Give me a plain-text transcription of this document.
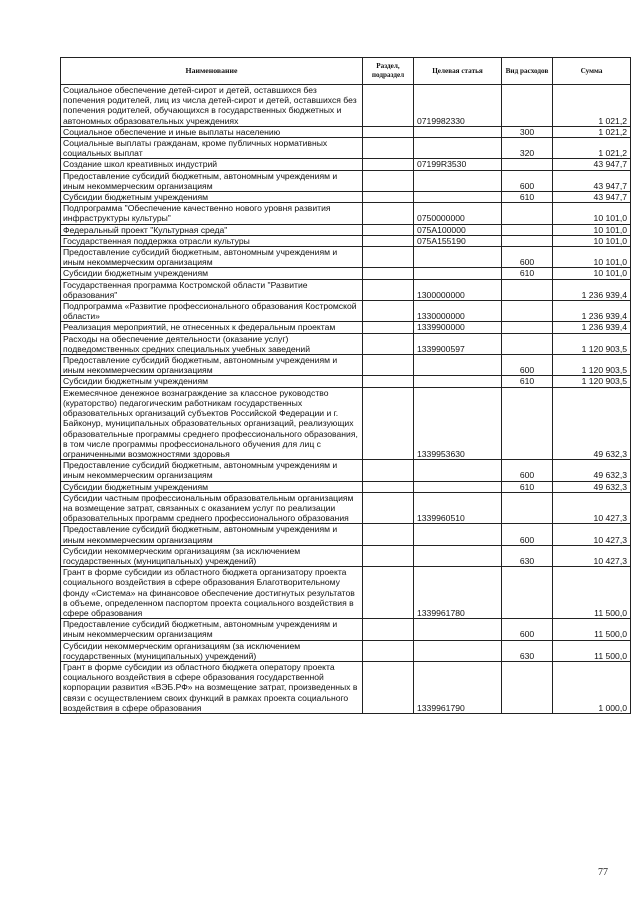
Наименование	Раздел, подраздел	Целевая статья	Вид расходов	Сумма
Социальное обеспечение детей-сирот и детей, оставшихся без попечения родителей, лиц из числа детей-сирот и детей, оставшихся без попечения родителей, обучающихся в государственных бюджетных и автономных образовательных учреждениях		0719982330		1 021,2
Социальное обеспечение и иные выплаты населению			300	1 021,2
Социальные выплаты гражданам, кроме публичных нормативных социальных выплат			320	1 021,2
Создание школ креативных индустрий		07199R3530		43 947,7
Предоставление субсидий бюджетным, автономным учреждениям и иным некоммерческим организациям			600	43 947,7
Субсидии бюджетным учреждениям			610	43 947,7
Подпрограмма "Обеспечение качественно нового уровня развития инфраструктуры культуры"		0750000000		10 101,0
Федеральный проект "Культурная среда"		075A100000		10 101,0
Государственная поддержка отрасли культуры		075A155190		10 101,0
Предоставление субсидий бюджетным, автономным учреждениям и иным некоммерческим организациям			600	10 101,0
Субсидии бюджетным учреждениям			610	10 101,0
Государственная программа Костромской области "Развитие образования"		1300000000		1 236 939,4
Подпрограмма «Развитие профессионального образования Костромской области»		1330000000		1 236 939,4
Реализация мероприятий, не отнесенных к федеральным проектам		1339900000		1 236 939,4
Расходы на обеспечение деятельности (оказание услуг) подведомственных средних специальных учебных заведений		1339900597		1 120 903,5
Предоставление субсидий бюджетным, автономным учреждениям и иным некоммерческим организациям			600	1 120 903,5
Субсидии бюджетным учреждениям			610	1 120 903,5
Ежемесячное денежное вознаграждение за классное руководство (кураторство) педагогическим работникам государственных образовательных организаций субъектов Российской Федерации и г. Байконур, муниципальных образовательных организаций, реализующих образовательные программы среднего профессионального образования, в том числе программы профессионального обучения для лиц с ограниченными возможностями здоровья		1339953630		49 632,3
Предоставление субсидий бюджетным, автономным учреждениям и иным некоммерческим организациям			600	49 632,3
Субсидии бюджетным учреждениям			610	49 632,3
Субсидии частным профессиональным образовательным организациям на возмещение затрат, связанных с оказанием услуг по реализации образовательных программ среднего профессионального образования		1339960510		10 427,3
Предоставление субсидий бюджетным, автономным учреждениям и иным некоммерческим организациям			600	10 427,3
Субсидии некоммерческим организациям (за исключением государственных (муниципальных) учреждений)			630	10 427,3
Грант в форме субсидии из областного бюджета организатору проекта социального воздействия в сфере образования Благотворительному фонду «Система» на финансовое обеспечение достигнутых результатов в объеме, определенном паспортом проекта социального воздействия в сфере образования		1339961780		11 500,0
Предоставление субсидий бюджетным, автономным учреждениям и иным некоммерческим организациям			600	11 500,0
Субсидии некоммерческим организациям (за исключением государственных (муниципальных) учреждений)			630	11 500,0
Грант в форме субсидии из областного бюджета оператору проекта социального воздействия в сфере образования государственной корпорации развития «ВЭБ.РФ» на возмещение затрат, произведенных в связи с осуществлением своих функций в рамках проекта социального воздействия в сфере образования		1339961790		1 000,0
77
